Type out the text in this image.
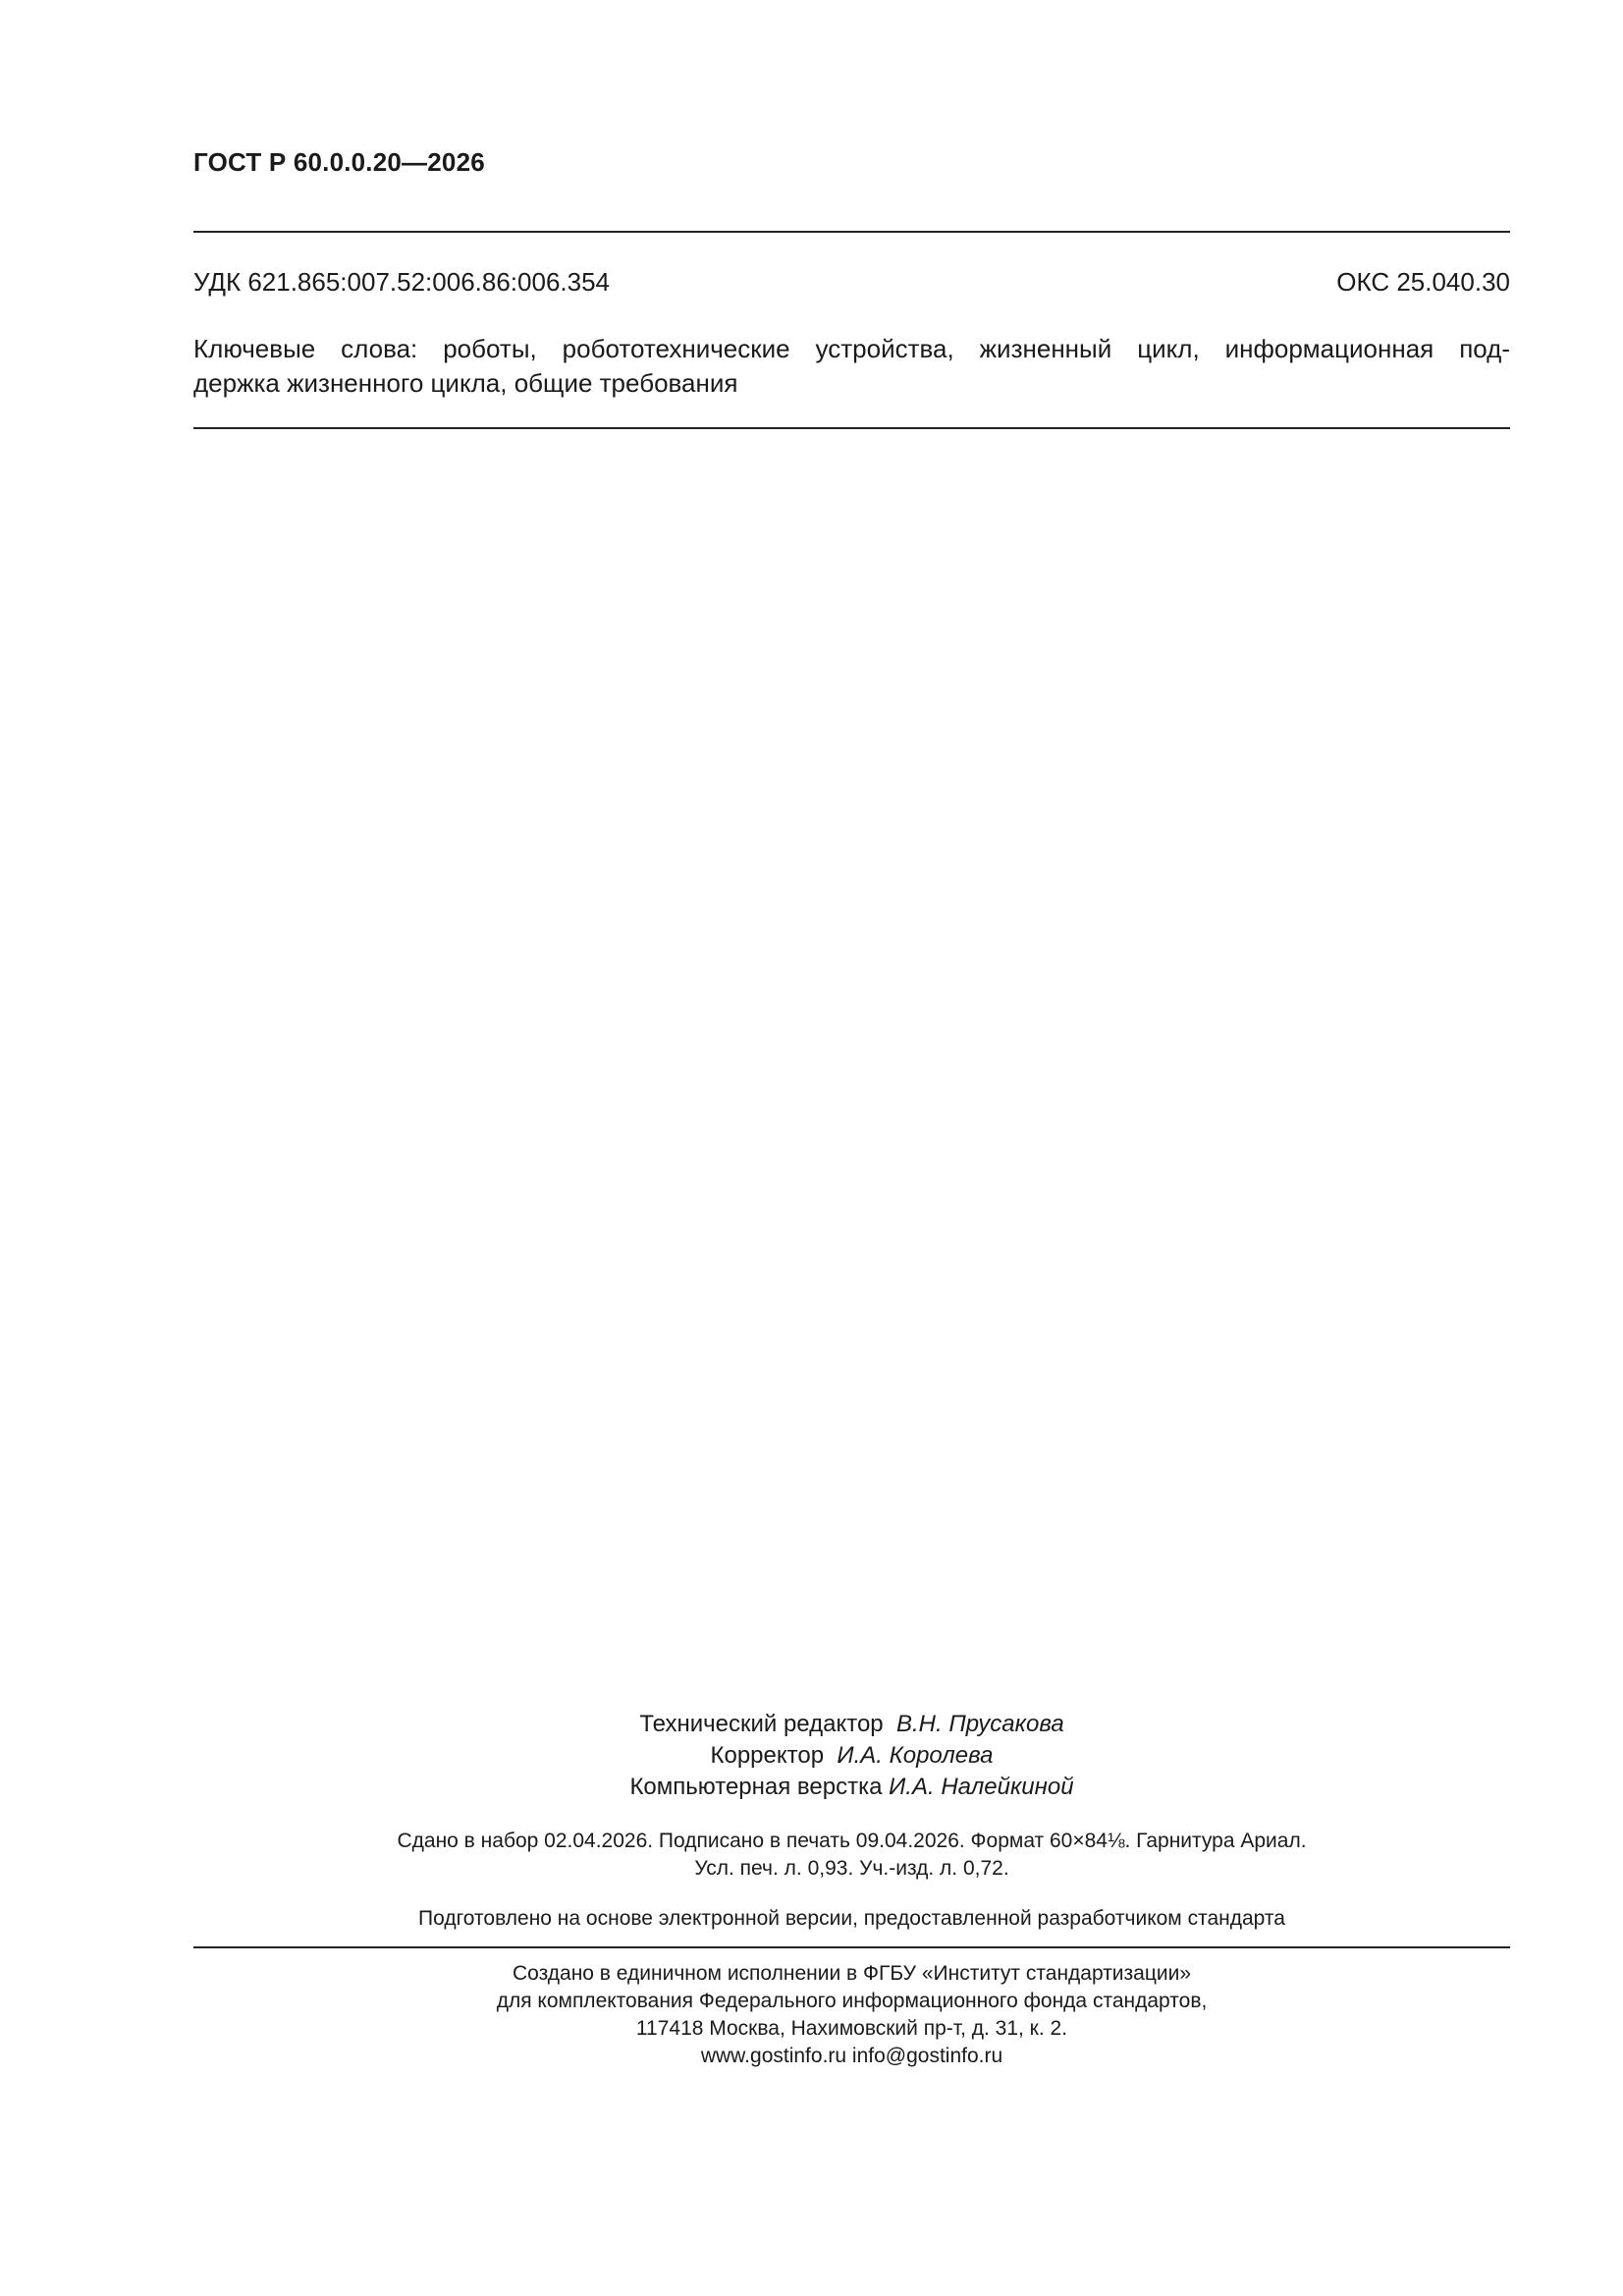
ГОСТ Р 60.0.0.20—2026
УДК 621.865:007.52:006.86:006.354	ОКС 25.040.30
Ключевые слова: роботы, робототехнические устройства, жизненный цикл, информационная под-
держка жизненного цикла, общие требования
Технический редактор В.Н. Прусакова
Корректор И.А. Королева
Компьютерная верстка И.А. Налейкиной
Сдано в набор 02.04.2026. Подписано в печать 09.04.2026. Формат 60×84⅛. Гарнитура Ариал.
Усл. печ. л. 0,93. Уч.-изд. л. 0,72.
Подготовлено на основе электронной версии, предоставленной разработчиком стандарта
Создано в единичном исполнении в ФГБУ «Институт стандартизации»
для комплектования Федерального информационного фонда стандартов,
117418 Москва, Нахимовский пр-т, д. 31, к. 2.
www.gostinfo.ru info@gostinfo.ru
